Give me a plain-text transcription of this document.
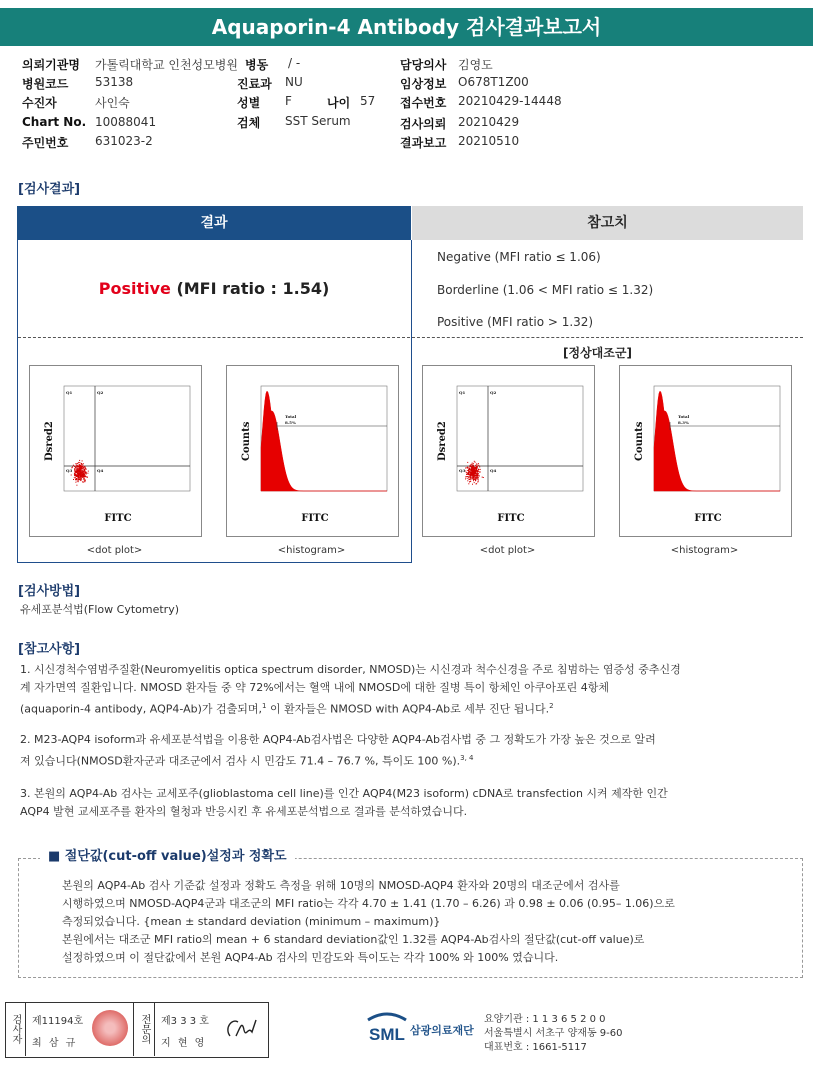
Aquaporin-4 Antibody 검사결과보고서
의뢰기관명 가톨릭대학교 인천성모병원
병원코드 53138
수진자	사인숙
Chart No. 10088041
주민번호 631023-2
병동 / -
진료과 NU
성별 F	나이 57
검체 SST Serum
담당의사 김영도
임상정보 O678T1Z00
접수번호 20210429-14448
검사의뢰 20210429
결과보고 20210510
[검사결과]
결과	참고치
Positive (MFI ratio : 1.54)
Negative (MFI ratio ≤ 1.06)
Borderline (1.06 < MFI ratio ≤ 1.32)
Positive (MFI ratio > 1.32)
[정상대조군]
Q1	Q2
Q3	Q4
Dsred2
FITC
Total
8.5%
Counts
FITC
Q1	Q2
Q3	Q4
Dsred2
FITC
Total
8.3%
Counts
FITC
<dot plot>	<histogram>	<dot plot>	<histogram>
[검사방법]
유세포분석법(Flow Cytometry)
[참고사항]
1. 시신경척수염범주질환(Neuromyelitis optica spectrum disorder, NMOSD)는 시신경과 척수신경을 주로 침범하는 염증성 중추신경
계 자가면역 질환입니다. NMOSD 환자들 중 약 72%에서는 혈액 내에 NMOSD에 대한 질병 특이 항체인 아쿠아포린 4항체
(aquaporin-4 antibody, AQP4-Ab)가 검출되며,$^1$ 이 환자들은 NMOSD with AQP4-Ab로 세부 진단 됩니다.$^2$
2. M23-AQP4 isoform과 유세포분석법을 이용한 AQP4-Ab검사법은 다양한 AQP4-Ab검사법 중 그 정확도가 가장 높은 것으로 알려
져 있습니다(NMOSD환자군과 대조군에서 검사 시 민감도 71.4 – 76.7 %, 특이도 100 %).$^{3, 4}$
3. 본원의 AQP4-Ab 검사는 교세포주(glioblastoma cell line)를 인간 AQP4(M23 isoform) cDNA로 transfection 시켜 제작한 인간
AQP4 발현 교세포주를 환자의 혈청과 반응시킨 후 유세포분석법으로 결과를 분석하였습니다.
■ 절단값(cut-off value)설정과 정확도
본원의 AQP4-Ab 검사 기준값 설정과 정확도 측정을 위해 10명의 NMOSD-AQP4 환자와 20명의 대조군에서 검사를
시행하였으며 NMOSD-AQP4군과 대조군의 MFI ratio는 각각 4.70 ± 1.41 (1.70 – 6.26) 과 0.98 ± 0.06 (0.95– 1.06)으로
측정되었습니다. {mean ± standard deviation (minimum – maximum)}
본원에서는 대조군 MFI ratio의 mean + 6 standard deviation값인 1.32를 AQP4-Ab검사의 절단값(cut-off value)로
설정하였으며 이 절단값에서 본원 AQP4-Ab 검사의 민감도와 특이도는 각각 100% 와 100% 였습니다.
검사자	제11194호
최 삼 규	전문의	제3 3 3 호
지 현 영	SML 삼광의료재단
요양기관 : 1 1 3 6 5 2 0 0
서울특별시 서초구 양재동 9-60
대표번호 : 1661-5117
